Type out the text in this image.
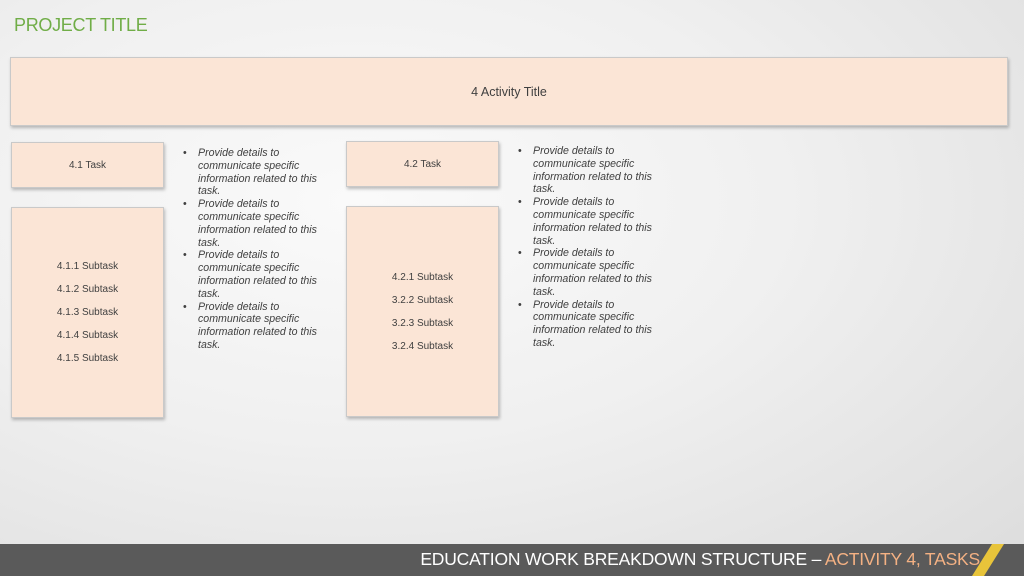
PROJECT TITLE
4 Activity Title
4.1 Task
4.1.1 Subtask
4.1.2 Subtask
4.1.3 Subtask
4.1.4 Subtask
4.1.5 Subtask
• Provide details to communicate specific information related to this task.
• Provide details to communicate specific information related to this task.
• Provide details to communicate specific information related to this task.
• Provide details to communicate specific information related to this task.
4.2 Task
4.2.1 Subtask
3.2.2 Subtask
3.2.3 Subtask
3.2.4 Subtask
• Provide details to communicate specific information related to this task.
• Provide details to communicate specific information related to this task.
• Provide details to communicate specific information related to this task.
• Provide details to communicate specific information related to this task.
EDUCATION WORK BREAKDOWN STRUCTURE – ACTIVITY 4, TASKS
